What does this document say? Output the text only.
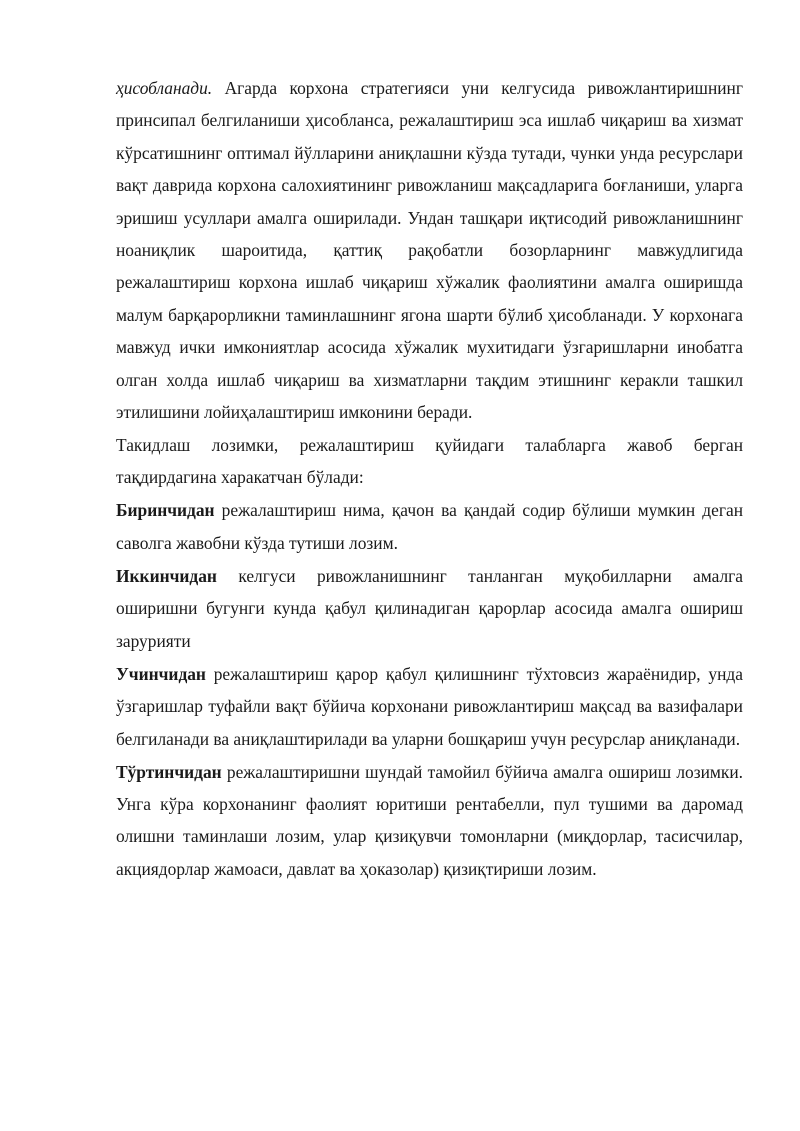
ҳисобланади. Агарда корхона стратегияси уни келгусида ривожлантиришнинг принсипал белгиланиши ҳисобланса, режалаштириш эса ишлаб чиқариш ва хизмат кўрсатишнинг оптимал йўлларини аниқлашни кўзда тутади, чунки унда ресурслари вақт даврида корхона салохиятининг ривожланиш мақсадларига боғланиши, уларга эришиш усуллари амалга оширилади. Ундан ташқари иқтисодий ривожланишнинг ноаниқлик шароитида, қаттиқ рақобатли бозорларнинг мавжудлигида режалаштириш корхона ишлаб чиқариш хўжалик фаолиятини амалга оширишда малум барқарорликни таминлашнинг ягона шарти бўлиб ҳисобланади. У корхонага мавжуд ички имкониятлар асосида хўжалик мухитидаги ўзгаришларни инобатга олган холда ишлаб чиқариш ва хизматларни тақдим этишнинг керакли ташкил этилишини лойиҳалаштириш имконини беради.

Такидлаш лозимки, режалаштириш қуйидаги талабларга жавоб берган тақдирдагина харакатчан бўлади:

Биринчидан режалаштириш нима, қачон ва қандай содир бўлиши мумкин деган саволга жавобни кўзда тутиши лозим.

Иккинчидан келгуси ривожланишнинг танланган муқобилларни амалга оширишни бугунги кунда қабул қилинадиган қарорлар асосида амалга ошириш зарурияти

Учинчидан режалаштириш қарор қабул қилишнинг тўхтовсиз жараёнидир, унда ўзгаришлар туфайли вақт бўйича корхонани ривожлантириш мақсад ва вазифалари белгиланади ва аниқлаштирилади ва уларни бошқариш учун ресурслар аниқланади.

Тўртинчидан режалаштиришни шундай тамойил бўйича амалга ошириш лозимки. Унга кўра корхонанинг фаолият юритиши рентабелли, пул тушими ва даромад олишни таминлаши лозим, улар қизиқувчи томонларни (миқдорлар, тасисчилар, акциядорлар жамоаси, давлат ва ҳоказолар) қизиқтириши лозим.
